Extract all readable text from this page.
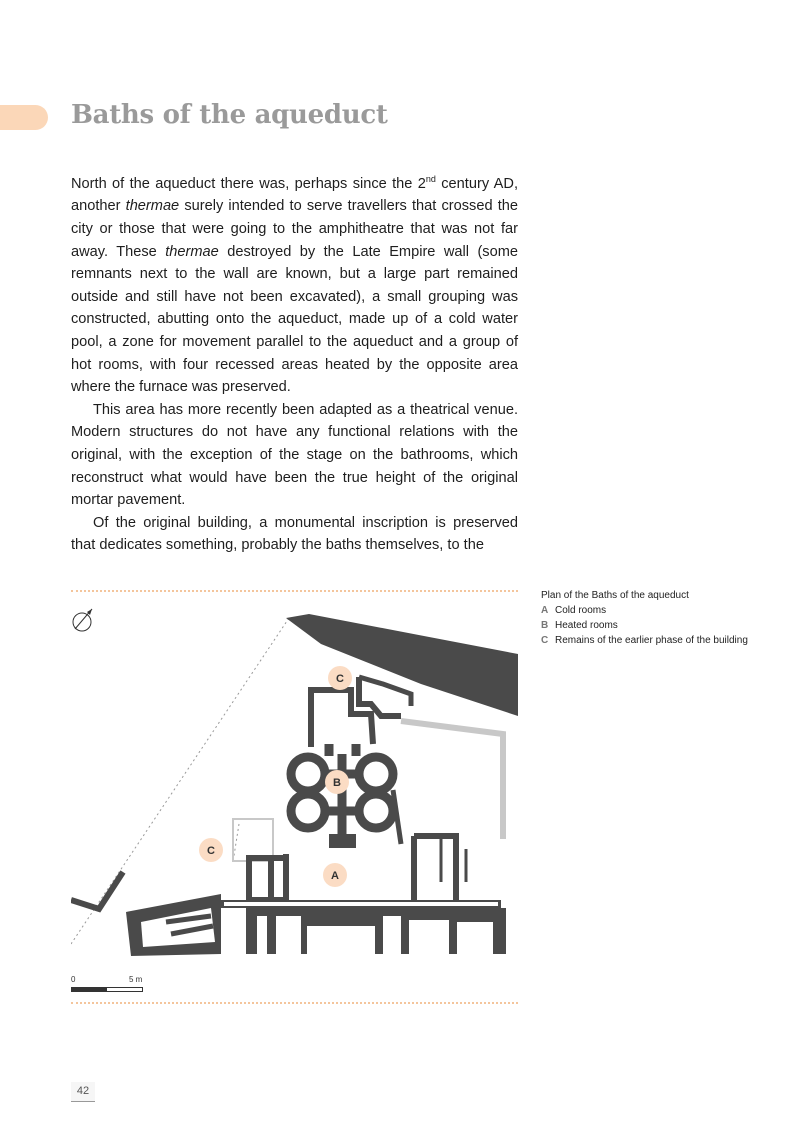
Baths of the aqueduct

North of the aqueduct there was, perhaps since the 2nd century AD, another thermae surely intended to serve travellers that crossed the city or those that were going to the amphitheatre that was not far away. These thermae destroyed by the Late Empire wall (some remnants next to the wall are known, but a large part remained outside and still have not been excavated), a small grouping was constructed, abutting onto the aqueduct, made up of a cold water pool, a zone for movement parallel to the aqueduct and a group of hot rooms, with four recessed areas heated by the opposite area where the furnace was preserved.

This area has more recently been adapted as a theatrical venue. Modern structures do not have any functional relations with the original, with the exception of the stage on the bathrooms, which reconstruct what would have been the true height of the original mortar pavement.

Of the original building, a monumental inscription is preserved that dedicates something, probably the baths themselves, to the

Plan of the Baths of the aqueduct
A Cold rooms
B Heated rooms
C Remains of the earlier phase of the building
C
B
C
A
0	5 m
42
